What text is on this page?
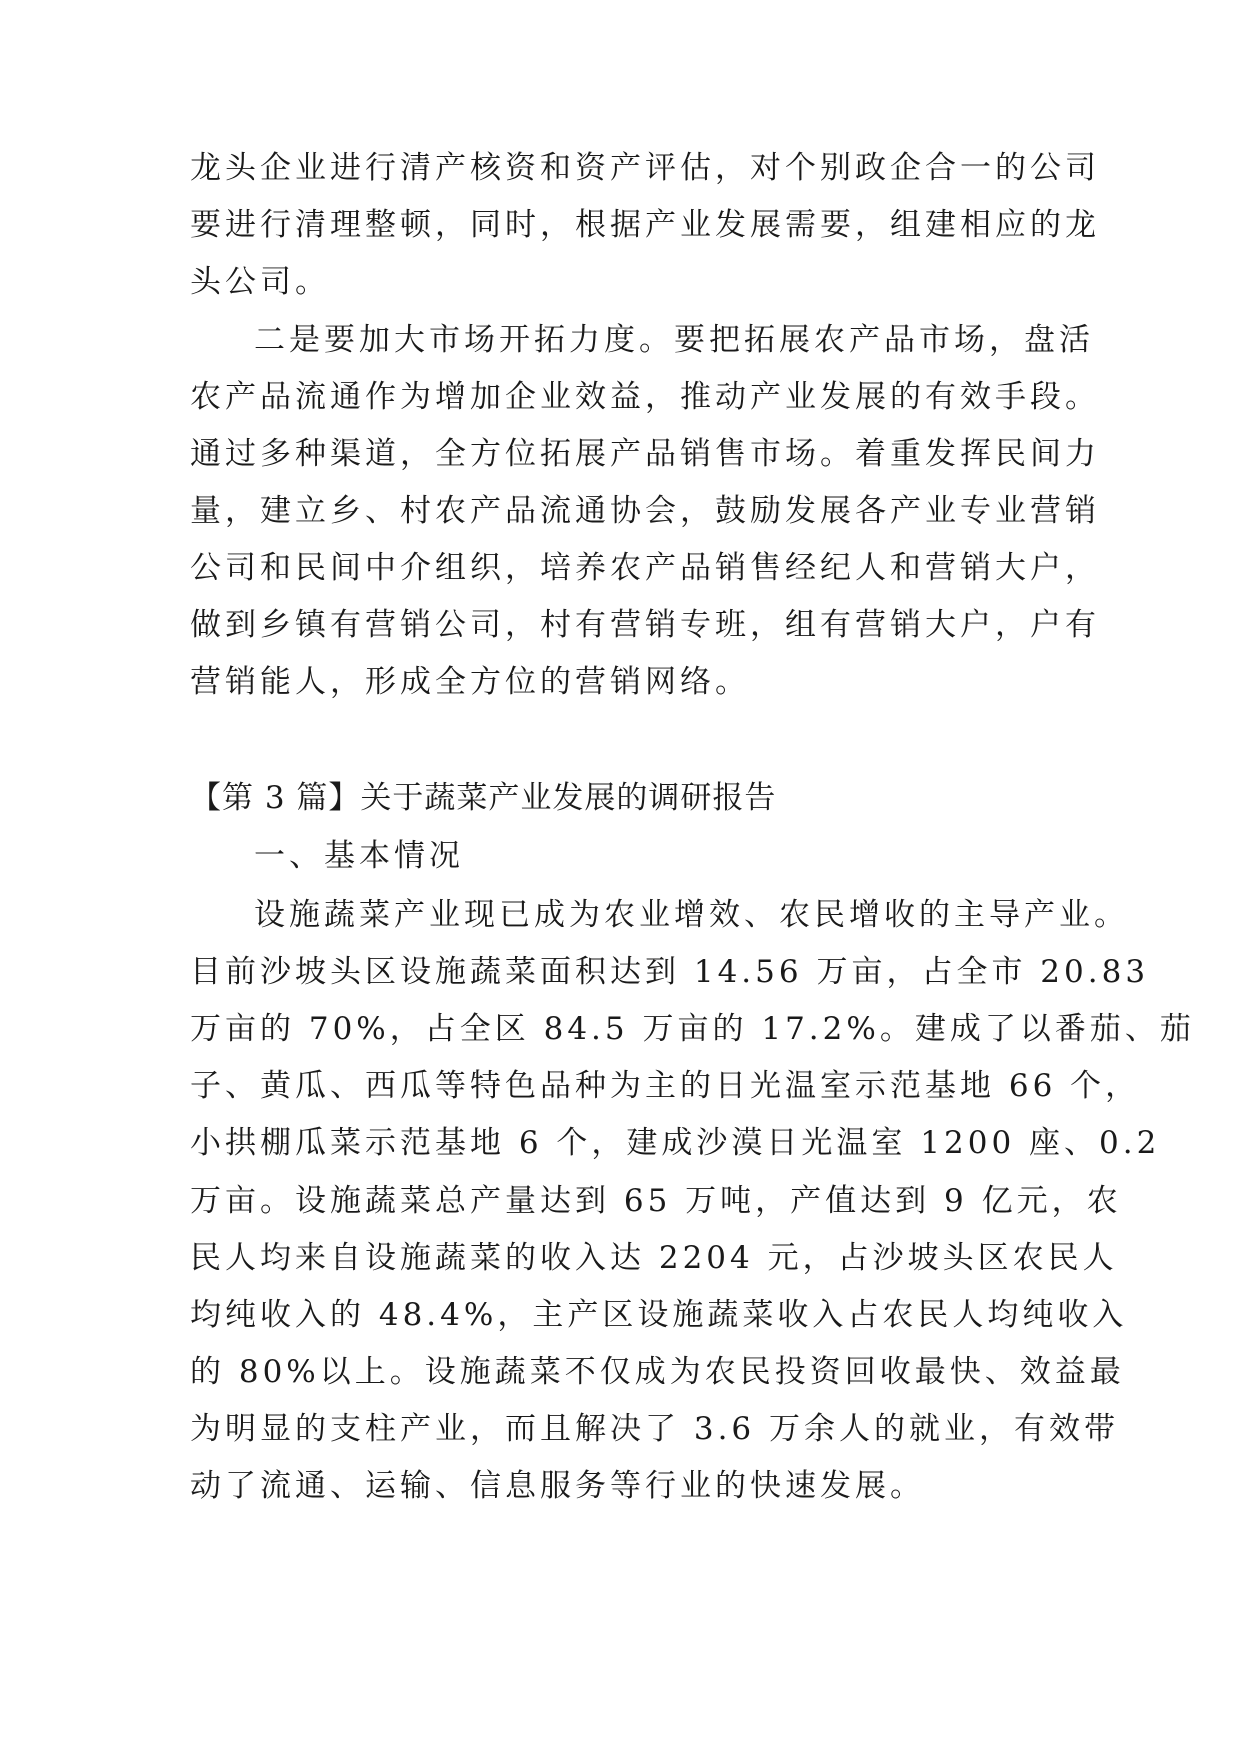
龙头企业进行清产核资和资产评估，对个别政企合一的公司
要进行清理整顿，同时，根据产业发展需要，组建相应的龙
头公司。
二是要加大市场开拓力度。要把拓展农产品市场，盘活
农产品流通作为增加企业效益，推动产业发展的有效手段。
通过多种渠道，全方位拓展产品销售市场。着重发挥民间力
量，建立乡、村农产品流通协会，鼓励发展各产业专业营销
公司和民间中介组织，培养农产品销售经纪人和营销大户，
做到乡镇有营销公司，村有营销专班，组有营销大户，户有
营销能人，形成全方位的营销网络。
【第 3 篇】关于蔬菜产业发展的调研报告
一、基本情况
设施蔬菜产业现已成为农业增效、农民增收的主导产业。
目前沙坡头区设施蔬菜面积达到 14.56 万亩，占全市 20.83
万亩的 70%，占全区 84.5 万亩的 17.2%。建成了以番茄、茄
子、黄瓜、西瓜等特色品种为主的日光温室示范基地 66 个，
小拱棚瓜菜示范基地 6 个，建成沙漠日光温室 1200 座、0.2
万亩。设施蔬菜总产量达到 65 万吨，产值达到 9 亿元，农
民人均来自设施蔬菜的收入达 2204 元，占沙坡头区农民人
均纯收入的 48.4%，主产区设施蔬菜收入占农民人均纯收入
的 80%以上。设施蔬菜不仅成为农民投资回收最快、效益最
为明显的支柱产业，而且解决了 3.6 万余人的就业，有效带
动了流通、运输、信息服务等行业的快速发展。
